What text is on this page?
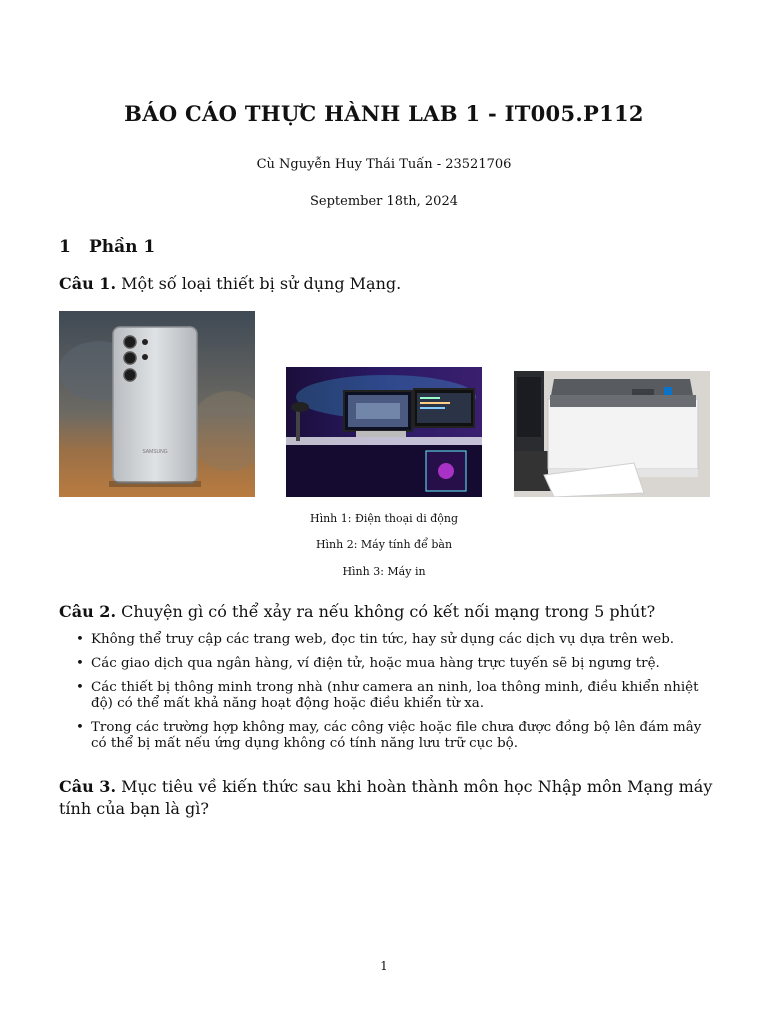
BÁO CÁO THỰC HÀNH LAB 1 - IT005.P112
Cù Nguyễn Huy Thái Tuấn - 23521706
September 18th, 2024
1 Phần 1
Câu 1. Một số loại thiết bị sử dụng Mạng.
SAMSUNG
Hình 1: Điện thoại di động
Hình 2: Máy tính để bàn
Hình 3: Máy in
Câu 2. Chuyện gì có thể xảy ra nếu không có kết nối mạng trong 5 phút?
• Không thể truy cập các trang web, đọc tin tức, hay sử dụng các dịch vụ dựa trên web.
• Các giao dịch qua ngân hàng, ví điện tử, hoặc mua hàng trực tuyến sẽ bị ngưng trệ.
• Các thiết bị thông minh trong nhà (như camera an ninh, loa thông minh, điều khiển nhiệt độ) có thể mất khả năng hoạt động hoặc điều khiển từ xa.
• Trong các trường hợp không may, các công việc hoặc file chưa được đồng bộ lên đám mây có thể bị mất nếu ứng dụng không có tính năng lưu trữ cục bộ.
Câu 3. Mục tiêu về kiến thức sau khi hoàn thành môn học Nhập môn Mạng máy tính của bạn là gì?
1
